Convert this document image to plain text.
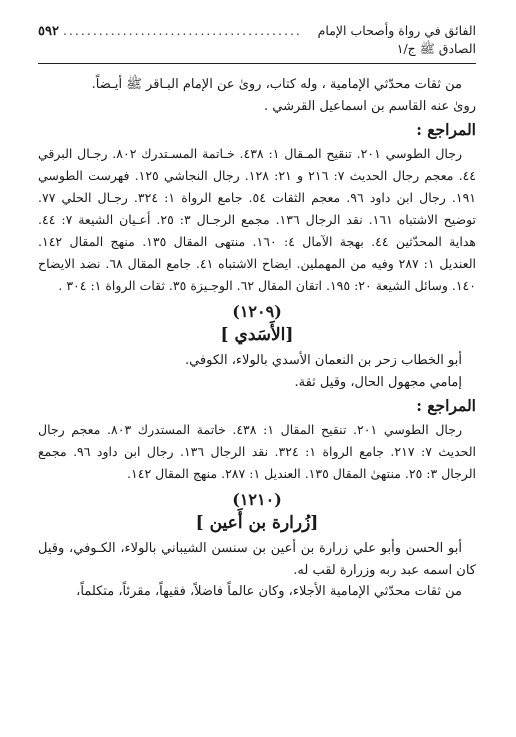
الفائق في رواة وأصحاب الإمام الصادق ﷺ ج/١
........................................
٥٩٢

من ثقات محدّثي الإمامية ، وله كتاب، رویٰ عن الإمام البـاقر ﷺ أيـضاً.

رویٰ عنه القاسم بن اسماعيل القرشي .

المراجع :

رجال الطوسي ٢٠١. تنقيح المـقال ١: ٤٣٨. خـاتمة المسـتدرك ٨٠٢. رجـال البرقي ٤٤. معجم رجال الحديث ٧: ٢١٦ و ٢١: ١٢٨. رجال النجاشي ١٢٥. فهرست الطوسي ١٩١. رجال ابن داود ٩٦. معجم الثقات ٥٤. جامع الرواة ١: ٣٢٤. رجـال الحلي ٧٧. توضيح الاشتباه ١٦١. نقد الرجال ١٣٦. مجمع الرجـال ٣: ٢٥. أعـيان الشيعة ٧: ٤٤. هداية المحدّثين ٤٤. بهجة الآمال ٤: ١٦٠. منتهى المقال ١٣٥. منهج المقال ١٤٢. العنديل ١: ٢٨٧ وفيه من المهملين. ايضاح الاشتباه ٤١. جامع المقال ٦٨. نضد الايضاح ١٤٠. وسائل الشيعة ٢٠: ١٩٥. اتقان المقال ٦٢. الوجـيزة ٣٥. ثقات الرواة ١: ٣٠٤ .

(١٢٠٩)
[الأَسَدي ]

أبو الخطاب زحر بن النعمان الأسدي بالولاء، الكوفي.

إمامي مجهول الحال، وقيل ثقة.

المراجع :

رجال الطوسي ٢٠١. تنقيح المقال ١: ٤٣٨. خاتمة المستدرك ٨٠٣. معجم رجال الحديث ٧: ٢١٧. جامع الرواة ١: ٣٢٤. نقد الرجال ١٣٦. رجال ابن داود ٩٦. مجمع الرجال ٣: ٢٥. منتهىٰ المقال ١٣٥. العنديل ١: ٢٨٧. منهج المقال ١٤٢.

(١٢١٠)
[زُرارة بن أَعين ]

أبو الحسن وأبو علي زرارة بن أعين بن سنسن الشيباني بالولاء، الكـوفي، وقيل كان اسمه عبد ربه وزرارة لقب له.

من ثقات محدّثي الإمامية الأجلاء، وكان عالماً فاضلاً، فقيهاً، مقرئاً، متكلماً،
